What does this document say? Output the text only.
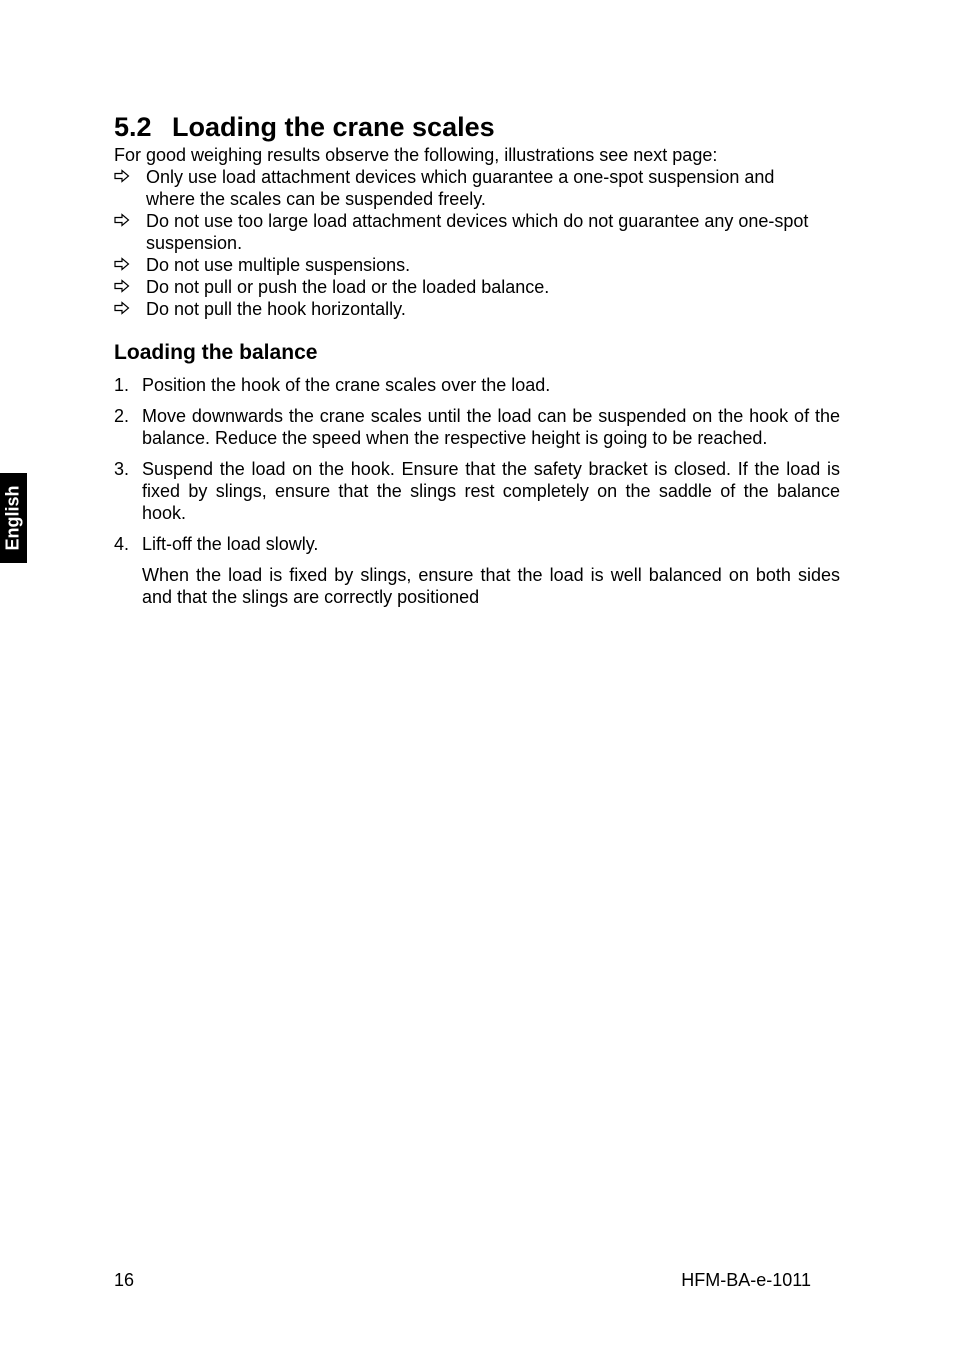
English
5.2 Loading the crane scales

For good weighing results observe the following, illustrations see next page:

Only use load attachment devices which guarantee a one-spot suspension and where the scales can be suspended freely.
Do not use too large load attachment devices which do not guarantee any one-spot suspension.
Do not use multiple suspensions.
Do not pull or push the load or the loaded balance.
Do not pull the hook horizontally.
Loading the balance
1. Position the hook of the crane scales over the load.
2. Move downwards the crane scales until the load can be suspended on the hook of the balance. Reduce the speed when the respective height is going to be reached.
3. Suspend the load on the hook. Ensure that the safety bracket is closed. If the load is fixed by slings, ensure that the slings rest completely on the saddle of the balance hook.
4. Lift-off the load slowly.

When the load is fixed by slings, ensure that the load is well balanced on both sides and that the slings are correctly positioned

16	HFM-BA-e-1011
